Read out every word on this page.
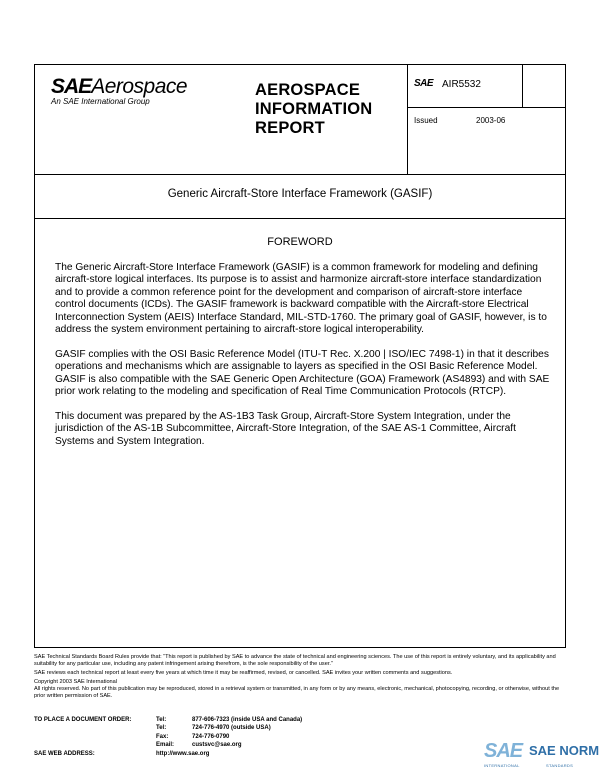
SAEAerospace
An SAE International Group
AEROSPACE
INFORMATION
REPORT
SAE AIR5532
Issued	2003-06
Generic Aircraft-Store Interface Framework (GASIF)
FOREWORD

The Generic Aircraft-Store Interface Framework (GASIF) is a common framework for modeling and defining aircraft-store logical interfaces. Its purpose is to assist and harmonize aircraft-store interface standardization and to provide a common reference point for the development and comparison of aircraft-store interface control documents (ICDs). The GASIF framework is backward compatible with the Aircraft-store Electrical Interconnection System (AEIS) Interface Standard, MIL-STD-1760. The primary goal of GASIF, however, is to address the system environment pertaining to aircraft-store logical interoperability.

GASIF complies with the OSI Basic Reference Model (ITU-T Rec. X.200 | ISO/IEC 7498-1) in that it describes operations and mechanisms which are assignable to layers as specified in the OSI Basic Reference Model. GASIF is also compatible with the SAE Generic Open Architecture (GOA) Framework (AS4893) and with SAE prior work relating to the modeling and specification of Real Time Communication Protocols (RTCP).

This document was prepared by the AS-1B3 Task Group, Aircraft-Store System Integration, under the jurisdiction of the AS-1B Subcommittee, Aircraft-Store Integration, of the SAE AS-1 Committee, Aircraft Systems and System Integration.

SAE Technical Standards Board Rules provide that: “This report is published by SAE to advance the state of technical and engineering sciences. The use of this report is entirely voluntary, and its applicability and suitability for any particular use, including any patent infringement arising therefrom, is the sole responsibility of the user.”

SAE reviews each technical report at least every five years at which time it may be reaffirmed, revised, or cancelled. SAE invites your written comments and suggestions.

Copyright 2003 SAE International

All rights reserved. No part of this publication may be reproduced, stored in a retrieval system or transmitted, in any form or by any means, electronic, mechanical, photocopying, recording, or otherwise, without the prior written permission of SAE.

TO PLACE A DOCUMENT ORDER:	Tel:	877-606-7323 (inside USA and Canada)
Tel:	724-776-4970 (outside USA)
Fax:	724-776-0790
Email:	custsvc@sae.org
SAE WEB ADDRESS:	http://www.sae.org	SAE SAE NORM
INTERNATIONAL	STANDARDS
